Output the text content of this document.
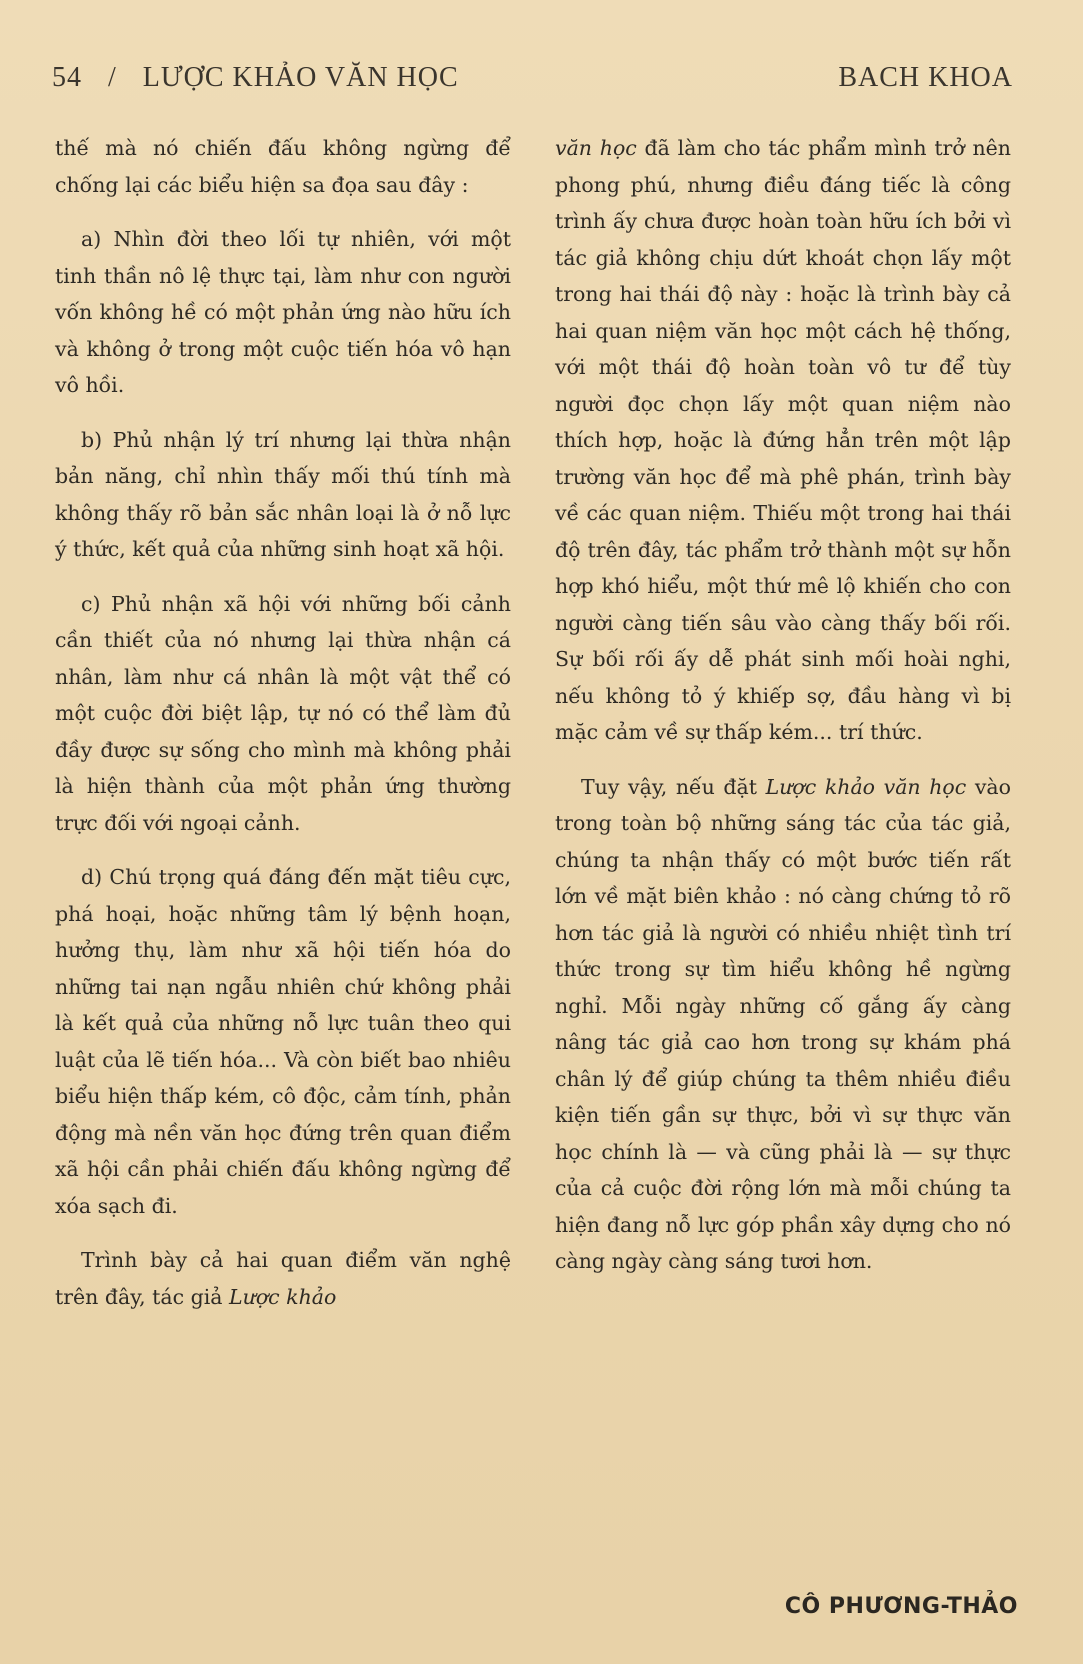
54 / LƯỢC KHẢO VĂN HỌC	BACH KHOA

thế mà nó chiến đấu không ngừng để chống lại các biểu hiện sa đọa sau đây :

a) Nhìn đời theo lối tự nhiên, với một tinh thần nô lệ thực tại, làm như con người vốn không hề có một phản ứng nào hữu ích và không ở trong một cuộc tiến hóa vô hạn vô hồi.

b) Phủ nhận lý trí nhưng lại thừa nhận bản năng, chỉ nhìn thấy mối thú tính mà không thấy rõ bản sắc nhân loại là ở nỗ lực ý thức, kết quả của những sinh hoạt xã hội.

c) Phủ nhận xã hội với những bối cảnh cần thiết của nó nhưng lại thừa nhận cá nhân, làm như cá nhân là một vật thể có một cuộc đời biệt lập, tự nó có thể làm đủ đầy được sự sống cho mình mà không phải là hiện thành của một phản ứng thường trực đối với ngoại cảnh.

d) Chú trọng quá đáng đến mặt tiêu cực, phá hoại, hoặc những tâm lý bệnh hoạn, hưởng thụ, làm như xã hội tiến hóa do những tai nạn ngẫu nhiên chứ không phải là kết quả của những nỗ lực tuân theo qui luật của lẽ tiến hóa... Và còn biết bao nhiêu biểu hiện thấp kém, cô độc, cảm tính, phản động mà nền văn học đứng trên quan điểm xã hội cần phải chiến đấu không ngừng để xóa sạch đi.

Trình bày cả hai quan điểm văn nghệ trên đây, tác giả Lược khảo

văn học đã làm cho tác phẩm mình trở nên phong phú, nhưng điều đáng tiếc là công trình ấy chưa được hoàn toàn hữu ích bởi vì tác giả không chịu dứt khoát chọn lấy một trong hai thái độ này : hoặc là trình bày cả hai quan niệm văn học một cách hệ thống, với một thái độ hoàn toàn vô tư để tùy người đọc chọn lấy một quan niệm nào thích hợp, hoặc là đứng hẳn trên một lập trường văn học để mà phê phán, trình bày về các quan niệm. Thiếu một trong hai thái độ trên đây, tác phẩm trở thành một sự hỗn hợp khó hiểu, một thứ mê lộ khiến cho con người càng tiến sâu vào càng thấy bối rối. Sự bối rối ấy dễ phát sinh mối hoài nghi, nếu không tỏ ý khiếp sợ, đầu hàng vì bị mặc cảm về sự thấp kém... trí thức.

Tuy vậy, nếu đặt Lược khảo văn học vào trong toàn bộ những sáng tác của tác giả, chúng ta nhận thấy có một bước tiến rất lớn về mặt biên khảo : nó càng chứng tỏ rõ hơn tác giả là người có nhiều nhiệt tình trí thức trong sự tìm hiểu không hề ngừng nghỉ. Mỗi ngày những cố gắng ấy càng nâng tác giả cao hơn trong sự khám phá chân lý để giúp chúng ta thêm nhiều điều kiện tiến gần sự thực, bởi vì sự thực văn học chính là — và cũng phải là — sự thực của cả cuộc đời rộng lớn mà mỗi chúng ta hiện đang nỗ lực góp phần xây dựng cho nó càng ngày càng sáng tươi hơn.

CÔ PHƯƠNG-THẢO
